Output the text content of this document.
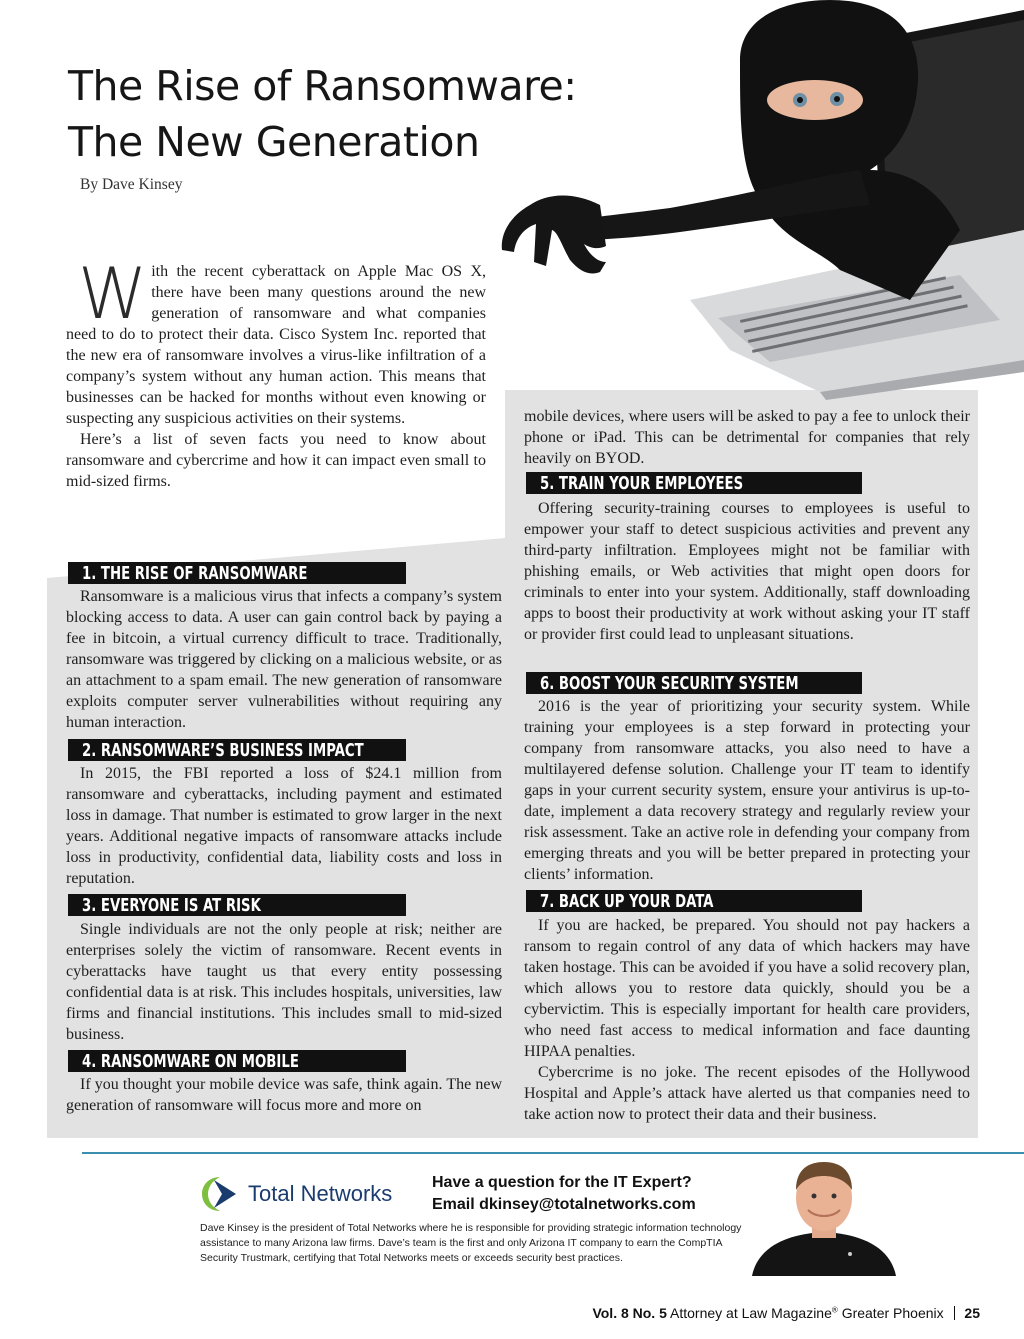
The Rise of Ransomware:
The New Generation
By Dave Kinsey

With the recent cyberattack on Apple Mac OS X, there have been many questions around the new generation of ransomware and what companies need to do to protect their data. Cisco System Inc. reported that the new era of ransomware involves a virus-like infiltration of a company’s system without any human action. This means that businesses can be hacked for months without even knowing or suspecting any suspicious activities on their systems.

Here’s a list of seven facts you need to know about ransomware and cybercrime and how it can impact even small to mid-sized firms.

1. THE RISE OF RANSOMWARE

Ransomware is a malicious virus that infects a company’s system blocking access to data. A user can gain control back by paying a fee in bitcoin, a virtual currency difficult to trace. Traditionally, ransomware was triggered by clicking on a malicious website, or as an attachment to a spam email. The new generation of ransomware exploits computer server vulnerabilities without requiring any human interaction.

2. RANSOMWARE’S BUSINESS IMPACT

In 2015, the FBI reported a loss of $24.1 million from ransomware and cyberattacks, including payment and estimated loss in damage. That number is estimated to grow larger in the next years. Additional negative impacts of ransomware attacks include loss in productivity, confidential data, liability costs and loss in reputation.

3. EVERYONE IS AT RISK

Single individuals are not the only people at risk; neither are enterprises solely the victim of ransomware. Recent events in cyberattacks have taught us that every entity possessing confidential data is at risk. This includes hospitals, universities, law firms and financial institutions. This includes small to mid-sized business.

4. RANSOMWARE ON MOBILE

If you thought your mobile device was safe, think again. The new generation of ransomware will focus more and more on

mobile devices, where users will be asked to pay a fee to unlock their phone or iPad. This can be detrimental for companies that rely heavily on BYOD.

5. TRAIN YOUR EMPLOYEES

Offering security-training courses to employees is useful to empower your staff to detect suspicious activities and prevent any third-party infiltration. Employees might not be familiar with phishing emails, or Web activities that might open doors for criminals to enter into your system. Additionally, staff downloading apps to boost their productivity at work without asking your IT staff or provider first could lead to unpleasant situations.

6. BOOST YOUR SECURITY SYSTEM

2016 is the year of prioritizing your security system. While training your employees is a step forward in protecting your company from ransomware attacks, you also need to have a multilayered defense solution. Challenge your IT team to identify gaps in your current security system, ensure your antivirus is up-to-date, implement a data recovery strategy and regularly review your risk assessment. Take an active role in defending your company from emerging threats and you will be better prepared in protecting your clients’ information.

7. BACK UP YOUR DATA

If you are hacked, be prepared. You should not pay hackers a ransom to regain control of any data of which hackers may have taken hostage. This can be avoided if you have a solid recovery plan, which allows you to restore data quickly, should you be a cybervictim. This is especially important for health care providers, who need fast access to medical information and face daunting HIPAA penalties.

Cybercrime is no joke. The recent episodes of the Hollywood Hospital and Apple’s attack have alerted us that companies need to take action now to protect their data and their business.

Total Networks Have a question for the IT Expert?
Email dkinsey@totalnetworks.com
Dave Kinsey is the president of Total Networks where he is responsible for providing strategic information technology assistance to many Arizona law firms. Dave’s team is the first and only Arizona IT company to earn the CompTIA Security Trustmark, certifying that Total Networks meets or exceeds security best practices.
Vol. 8 No. 5 Attorney at Law Magazine® Greater Phoenix 25
